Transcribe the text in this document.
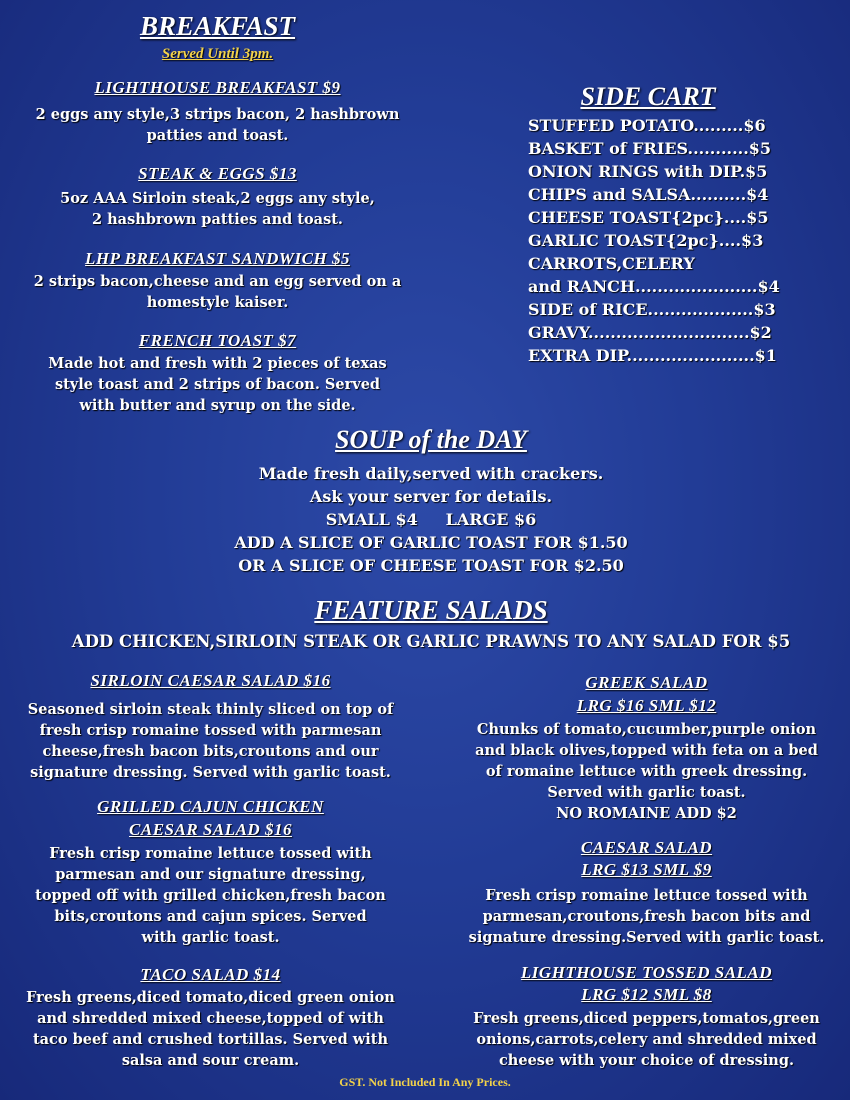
BREAKFAST
Served Until 3pm.
LIGHTHOUSE BREAKFAST $9

2 eggs any style,3 strips bacon, 2 hashbrown

patties and toast.

STEAK & EGGS $13

5oz AAA Sirloin steak,2 eggs any style,

2 hashbrown patties and toast.

LHP BREAKFAST SANDWICH $5

2 strips bacon,cheese and an egg served on a

homestyle kaiser.

FRENCH TOAST $7

Made hot and fresh with 2 pieces of texas

style toast and 2 strips of bacon. Served

with butter and syrup on the side.

SIDE CART

STUFFED POTATO.........$6

BASKET of FRIES...........$5

ONION RINGS with DIP.$5

CHIPS and SALSA..........$4

CHEESE TOAST{2pc}....$5

GARLIC TOAST{2pc}....$3

CARROTS,CELERY

and RANCH......................$4

SIDE of RICE...................$3

GRAVY.............................$2

EXTRA DIP.......................$1

SOUP of the DAY

Made fresh daily,served with crackers.

Ask your server for details.

SMALL $4     LARGE $6

ADD A SLICE OF GARLIC TOAST FOR $1.50

OR A SLICE OF CHEESE TOAST FOR $2.50

FEATURE SALADS

ADD CHICKEN,SIRLOIN STEAK OR GARLIC PRAWNS TO ANY SALAD FOR $5

SIRLOIN CAESAR SALAD $16

Seasoned sirloin steak thinly sliced on top of

fresh crisp romaine tossed with parmesan

cheese,fresh bacon bits,croutons and our

signature dressing. Served with garlic toast.

GRILLED CAJUN CHICKEN
CAESAR SALAD $16

Fresh crisp romaine lettuce tossed with

parmesan and our signature dressing,

topped off with grilled chicken,fresh bacon

bits,croutons and cajun spices. Served

with garlic toast.

TACO SALAD $14

Fresh greens,diced tomato,diced green onion

and shredded mixed cheese,topped of with

taco beef and crushed tortillas. Served with

salsa and sour cream.

GREEK SALAD
LRG $16 SML $12

Chunks of tomato,cucumber,purple onion

and black olives,topped with feta on a bed

of romaine lettuce with greek dressing.

Served with garlic toast.

NO ROMAINE ADD $2

CAESAR SALAD
LRG $13 SML $9

Fresh crisp romaine lettuce tossed with

parmesan,croutons,fresh bacon bits and

signature dressing.Served with garlic toast.

LIGHTHOUSE TOSSED SALAD
LRG $12 SML $8

Fresh greens,diced peppers,tomatos,green

onions,carrots,celery and shredded mixed

cheese with your choice of dressing.

GST. Not Included In Any Prices.
